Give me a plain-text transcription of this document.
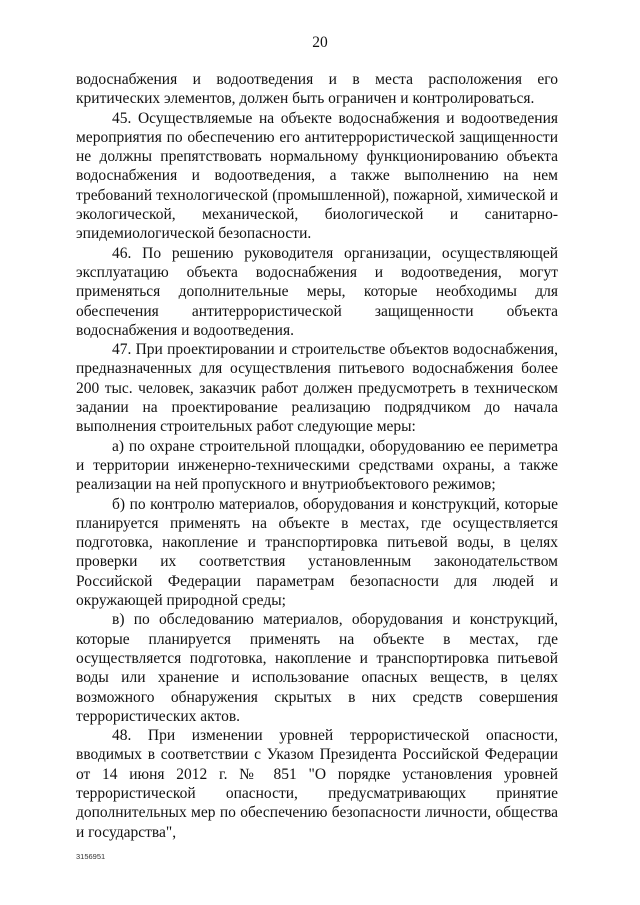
20

водоснабжения и водоотведения и в места расположения его критических элементов, должен быть ограничен и контролироваться.

45. Осуществляемые на объекте водоснабжения и водоотведения мероприятия по обеспечению его антитеррористической защищенности не должны препятствовать нормальному функционированию объекта водоснабжения и водоотведения, а также выполнению на нем требований технологической (промышленной), пожарной, химической и экологической, механической, биологической и санитарно-эпидемиологической безопасности.

46. По решению руководителя организации, осуществляющей эксплуатацию объекта водоснабжения и водоотведения, могут применяться дополнительные меры, которые необходимы для обеспечения антитеррористической защищенности объекта водоснабжения и водоотведения.

47. При проектировании и строительстве объектов водоснабжения, предназначенных для осуществления питьевого водоснабжения более 200 тыс. человек, заказчик работ должен предусмотреть в техническом задании на проектирование реализацию подрядчиком до начала выполнения строительных работ следующие меры:

а) по охране строительной площадки, оборудованию ее периметра и территории инженерно-техническими средствами охраны, а также реализации на ней пропускного и внутриобъектового режимов;

б) по контролю материалов, оборудования и конструкций, которые планируется применять на объекте в местах, где осуществляется подготовка, накопление и транспортировка питьевой воды, в целях проверки их соответствия установленным законодательством Российской Федерации параметрам безопасности для людей и окружающей природной среды;

в) по обследованию материалов, оборудования и конструкций, которые планируется применять на объекте в местах, где осуществляется подготовка, накопление и транспортировка питьевой воды или хранение и использование опасных веществ, в целях возможного обнаружения скрытых в них средств совершения террористических актов.

48. При изменении уровней террористической опасности, вводимых в соответствии с Указом Президента Российской Федерации от 14 июня 2012 г. № 851 "О порядке установления уровней террористической опасности, предусматривающих принятие дополнительных мер по обеспечению безопасности личности, общества и государства",

3156951
